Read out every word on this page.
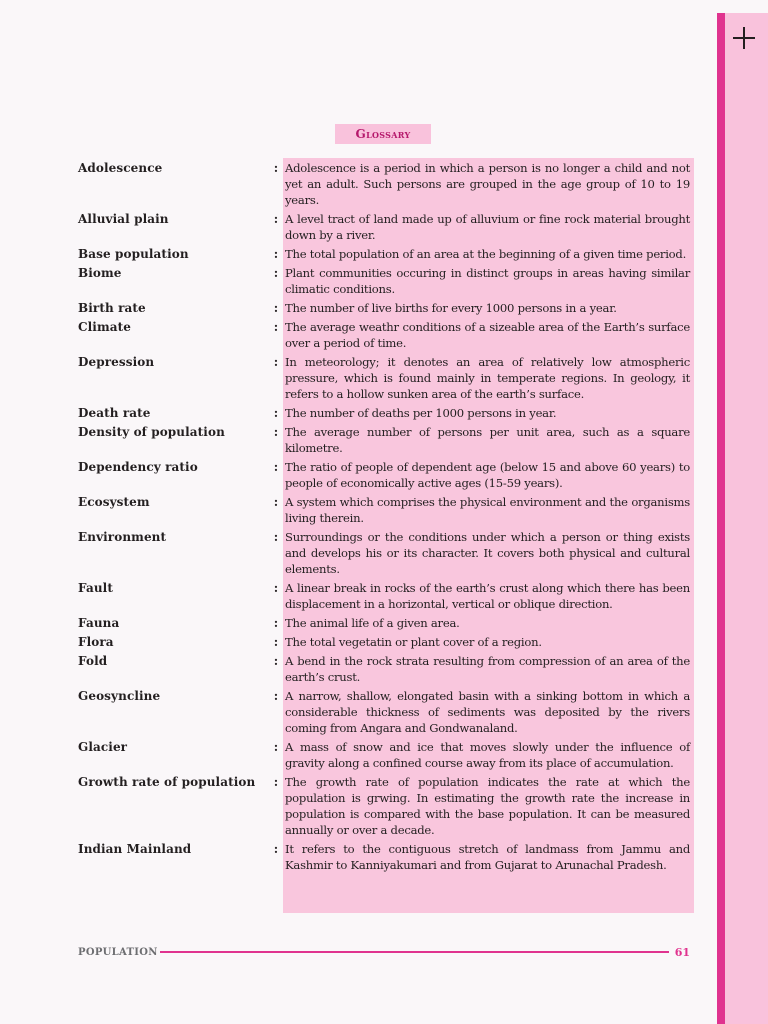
Glossary
Adolescence	: Adolescence is a period in which a person is no longer a child and not yet an adult. Such persons are grouped in the age group of 10 to 19 years.
Alluvial plain	: A level tract of land made up of alluvium or fine rock material brought down by a river.
Base population	: The total population of an area at the beginning of a given time period.
Biome	: Plant communities occuring in distinct groups in areas having similar climatic conditions.
Birth rate	: The number of live births for every 1000 persons in a year.
Climate	: The average weathr conditions of a sizeable area of the Earth’s surface over a period of time.
Depression	: In meteorology; it denotes an area of relatively low atmospheric pressure, which is found mainly in temperate regions. In geology, it refers to a hollow sunken area of the earth’s surface.
Death rate	: The number of deaths per 1000 persons in year.
Density of population	: The average number of persons per unit area, such as a square kilometre.
Dependency ratio	: The ratio of people of dependent age (below 15 and above 60 years) to people of economically active ages (15-59 years).
Ecosystem	: A system which comprises the physical environment and the organisms living therein.
Environment	: Surroundings or the conditions under which a person or thing exists and develops his or its character. It covers both physical and cultural elements.
Fault	: A linear break in rocks of the earth’s crust along which there has been displacement in a horizontal, vertical or oblique direction.
Fauna	: The animal life of a given area.
Flora	: The total vegetatin or plant cover of a region.
Fold	: A bend in the rock strata resulting from compression of an area of the earth’s crust.
Geosyncline	: A narrow, shallow, elongated basin with a sinking bottom in which a considerable thickness of sediments was deposited by the rivers coming from Angara and Gondwanaland.
Glacier	: A mass of snow and ice that moves slowly under the influence of gravity along a confined course away from its place of accumulation.
Growth rate of population	: The growth rate of population indicates the rate at which the population is grwing. In estimating the growth rate the increase in population is compared with the base population. It can be measured annually or over a decade.
Indian Mainland	: It refers to the contiguous stretch of landmass from Jammu and Kashmir to Kanniyakumari and from Gujarat to Arunachal Pradesh.
POPULATION	61
